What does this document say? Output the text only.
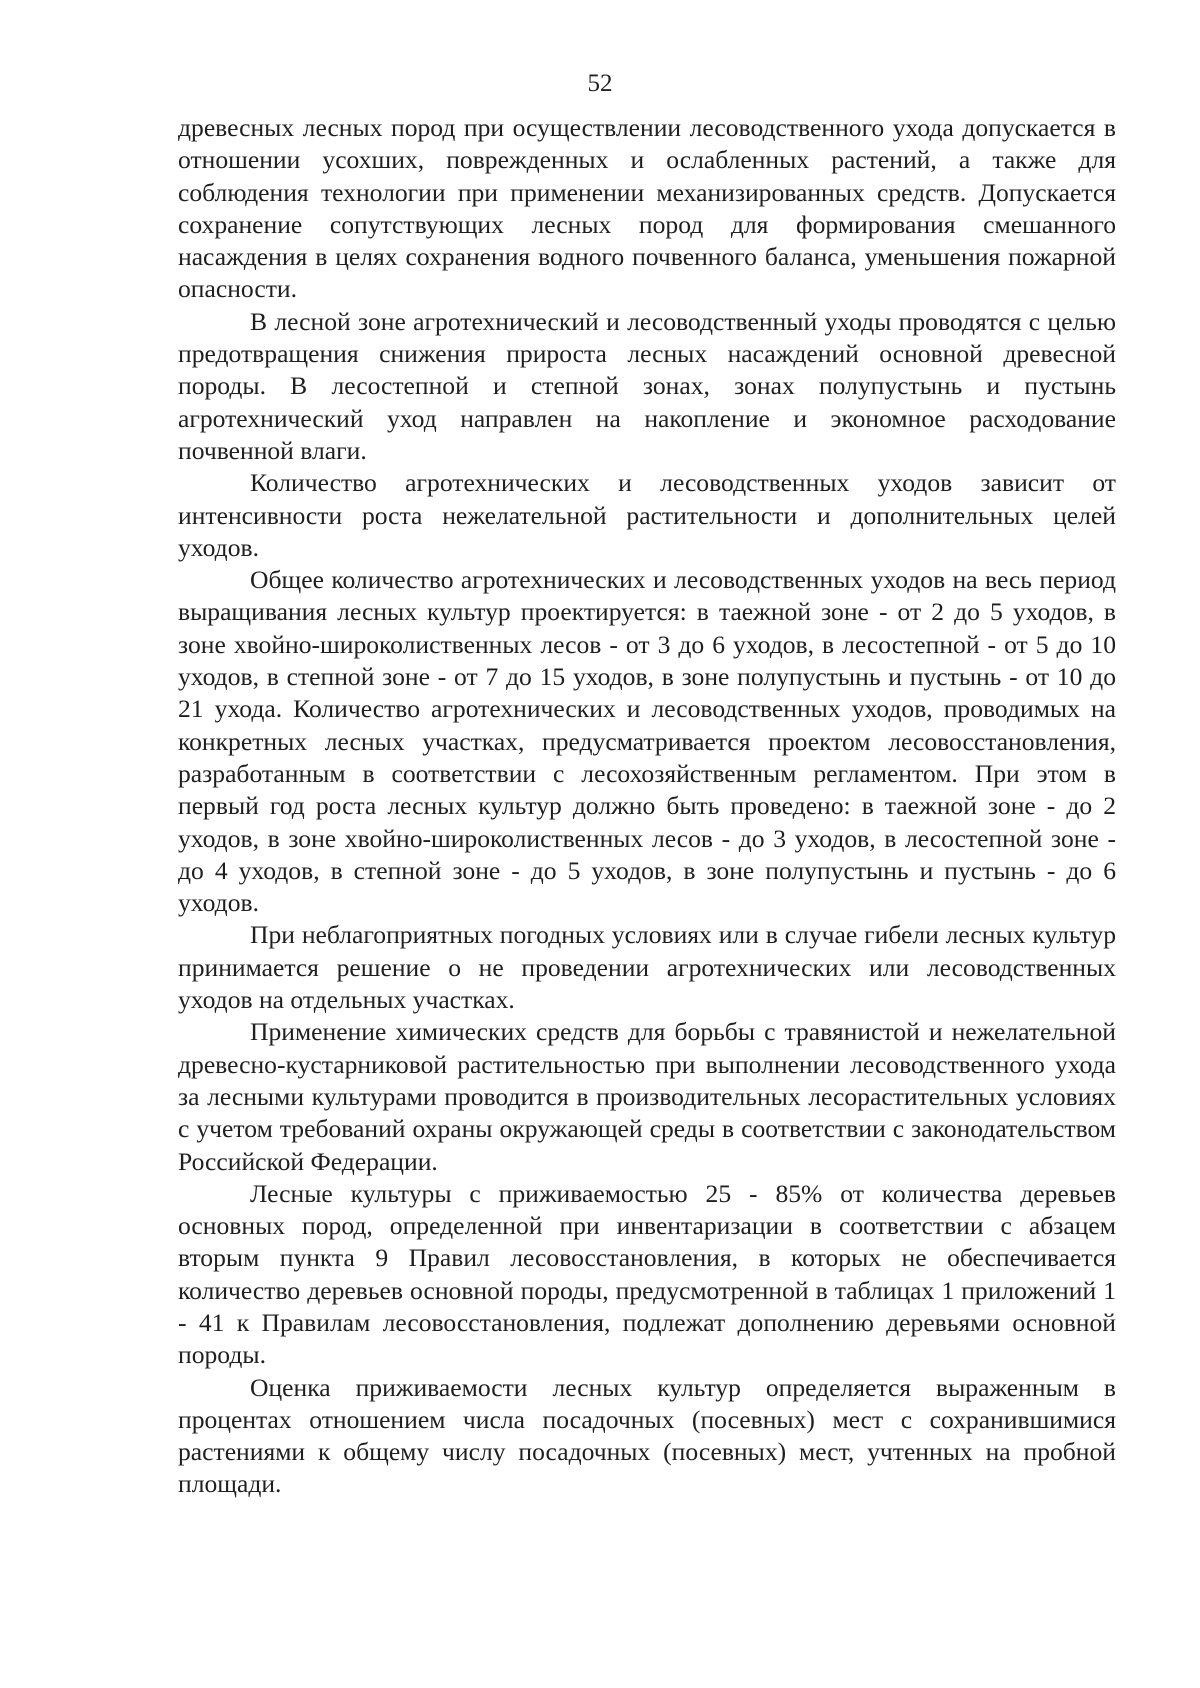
52

древесных лесных пород при осуществлении лесоводственного ухода допускается в отношении усохших, поврежденных и ослабленных растений, а также для соблюдения технологии при применении механизированных средств. Допускается сохранение сопутствующих лесных пород для формирования смешанного насаждения в целях сохранения водного почвенного баланса, уменьшения пожарной опасности.

В лесной зоне агротехнический и лесоводственный уходы проводятся с целью предотвращения снижения прироста лесных насаждений основной древесной породы. В лесостепной и степной зонах, зонах полупустынь и пустынь агротехнический уход направлен на накопление и экономное расходование почвенной влаги.

Количество агротехнических и лесоводственных уходов зависит от интенсивности роста нежелательной растительности и дополнительных целей уходов.

Общее количество агротехнических и лесоводственных уходов на весь период выращивания лесных культур проектируется: в таежной зоне - от 2 до 5 уходов, в зоне хвойно-широколиственных лесов - от 3 до 6 уходов, в лесостепной - от 5 до 10 уходов, в степной зоне - от 7 до 15 уходов, в зоне полупустынь и пустынь - от 10 до 21 ухода. Количество агротехнических и лесоводственных уходов, проводимых на конкретных лесных участках, предусматривается проектом лесовосстановления, разработанным в соответствии с лесохозяйственным регламентом. При этом в первый год роста лесных культур должно быть проведено: в таежной зоне - до 2 уходов, в зоне хвойно-широколиственных лесов - до 3 уходов, в лесостепной зоне - до 4 уходов, в степной зоне - до 5 уходов, в зоне полупустынь и пустынь - до 6 уходов.

При неблагоприятных погодных условиях или в случае гибели лесных культур принимается решение о не проведении агротехнических или лесоводственных уходов на отдельных участках.

Применение химических средств для борьбы с травянистой и нежелательной древесно-кустарниковой растительностью при выполнении лесоводственного ухода за лесными культурами проводится в производительных лесорастительных условиях с учетом требований охраны окружающей среды в соответствии с законодательством Российской Федерации.

Лесные культуры с приживаемостью 25 - 85% от количества деревьев основных пород, определенной при инвентаризации в соответствии с абзацем вторым пункта 9 Правил лесовосстановления, в которых не обеспечивается количество деревьев основной породы, предусмотренной в таблицах 1 приложений 1 - 41 к Правилам лесовосстановления, подлежат дополнению деревьями основной породы.

Оценка приживаемости лесных культур определяется выраженным в процентах отношением числа посадочных (посевных) мест с сохранившимися растениями к общему числу посадочных (посевных) мест, учтенных на пробной площади.
